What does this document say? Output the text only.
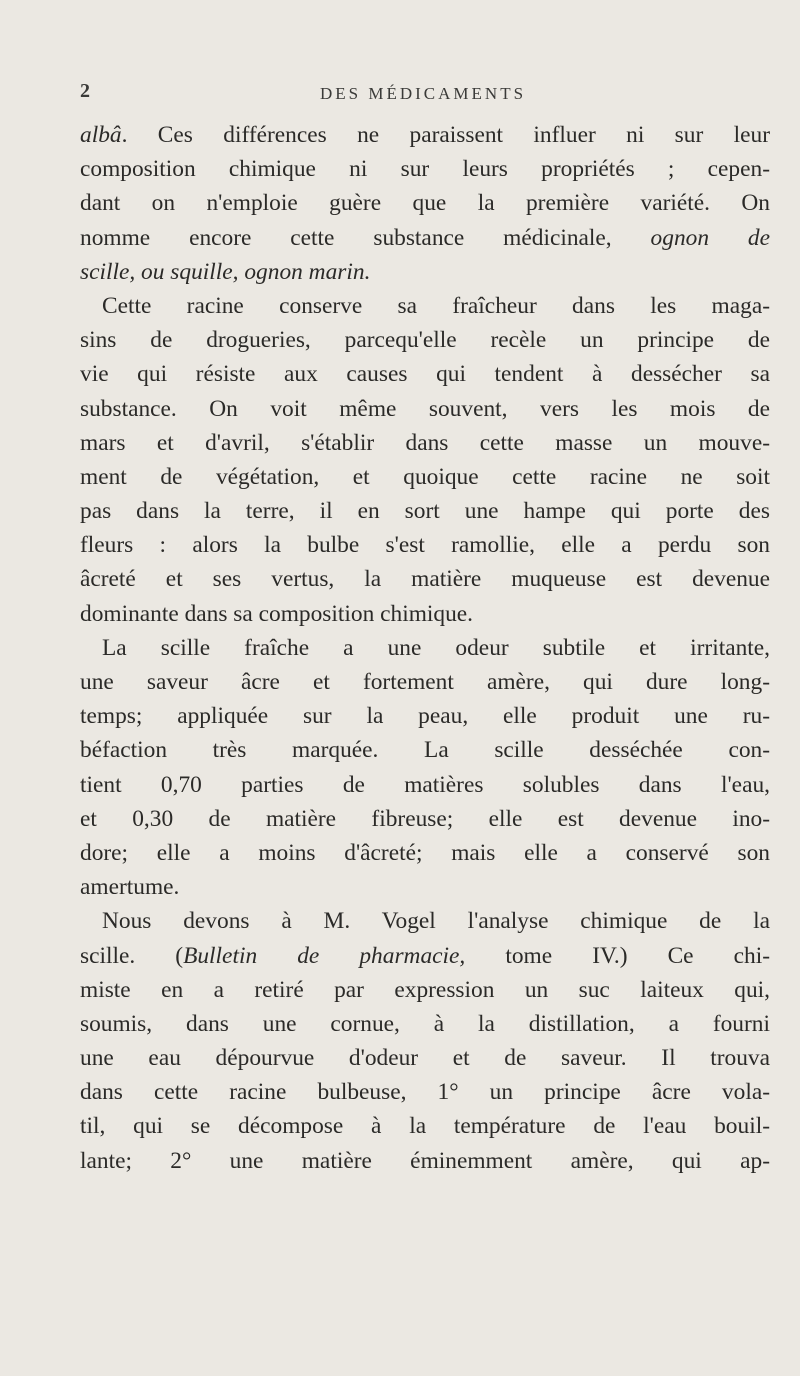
2	DES MÉDICAMENTS
albâ. Ces différences ne paraissent influer ni sur leur
composition chimique ni sur leurs propriétés ; cepen-
dant on n'emploie guère que la première variété. On
nomme encore cette substance médicinale, ognon de
scille, ou squille, ognon marin.
Cette racine conserve sa fraîcheur dans les maga-
sins de drogueries, parcequ'elle recèle un principe de
vie qui résiste aux causes qui tendent à dessécher sa
substance. On voit même souvent, vers les mois de
mars et d'avril, s'établir dans cette masse un mouve-
ment de végétation, et quoique cette racine ne soit
pas dans la terre, il en sort une hampe qui porte des
fleurs : alors la bulbe s'est ramollie, elle a perdu son
âcreté et ses vertus, la matière muqueuse est devenue
dominante dans sa composition chimique.
La scille fraîche a une odeur subtile et irritante,
une saveur âcre et fortement amère, qui dure long-
temps; appliquée sur la peau, elle produit une ru-
béfaction très marquée. La scille desséchée con-
tient 0,70 parties de matières solubles dans l'eau,
et 0,30 de matière fibreuse; elle est devenue ino-
dore; elle a moins d'âcreté; mais elle a conservé son
amertume.
Nous devons à M. Vogel l'analyse chimique de la
scille. (Bulletin de pharmacie, tome IV.) Ce chi-
miste en a retiré par expression un suc laiteux qui,
soumis, dans une cornue, à la distillation, a fourni
une eau dépourvue d'odeur et de saveur. Il trouva
dans cette racine bulbeuse, 1° un principe âcre vola-
til, qui se décompose à la température de l'eau bouil-
lante; 2° une matière éminemment amère, qui ap-
